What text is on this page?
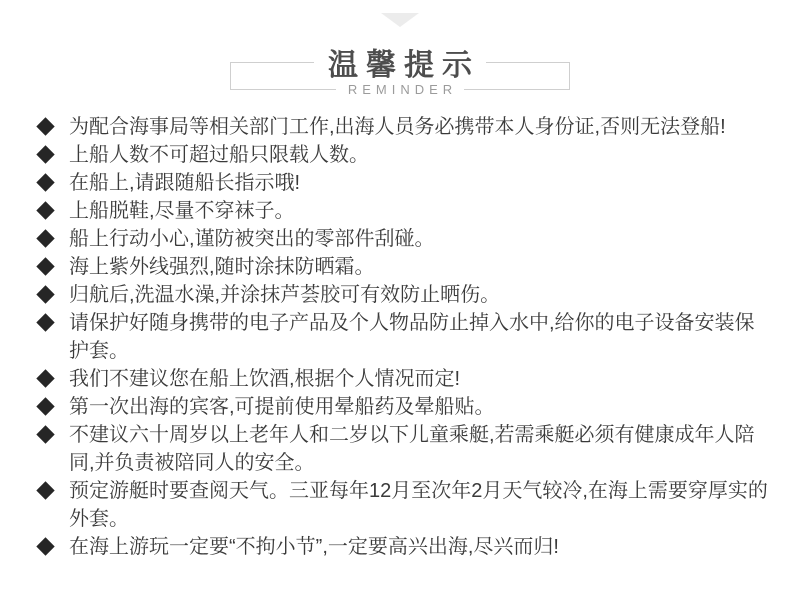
温馨提示
REMINDER
为配合海事局等相关部门工作,出海人员务必携带本人身份证,否则无法登船!
上船人数不可超过船只限载人数。
在船上,请跟随船长指示哦!
上船脱鞋,尽量不穿袜子。
船上行动小心,谨防被突出的零部件刮碰。
海上紫外线强烈,随时涂抹防晒霜。
归航后,洗温水澡,并涂抹芦荟胶可有效防止晒伤。
请保护好随身携带的电子产品及个人物品防止掉入水中,给你的电子设备安装保护套。
我们不建议您在船上饮酒,根据个人情况而定!
第一次出海的宾客,可提前使用晕船药及晕船贴。
不建议六十周岁以上老年人和二岁以下儿童乘艇,若需乘艇必须有健康成年人陪同,并负责被陪同人的安全。
预定游艇时要查阅天气。三亚每年12月至次年2月天气较冷,在海上需要穿厚实的外套。
在海上游玩一定要“不拘小节”,一定要高兴出海,尽兴而归!
